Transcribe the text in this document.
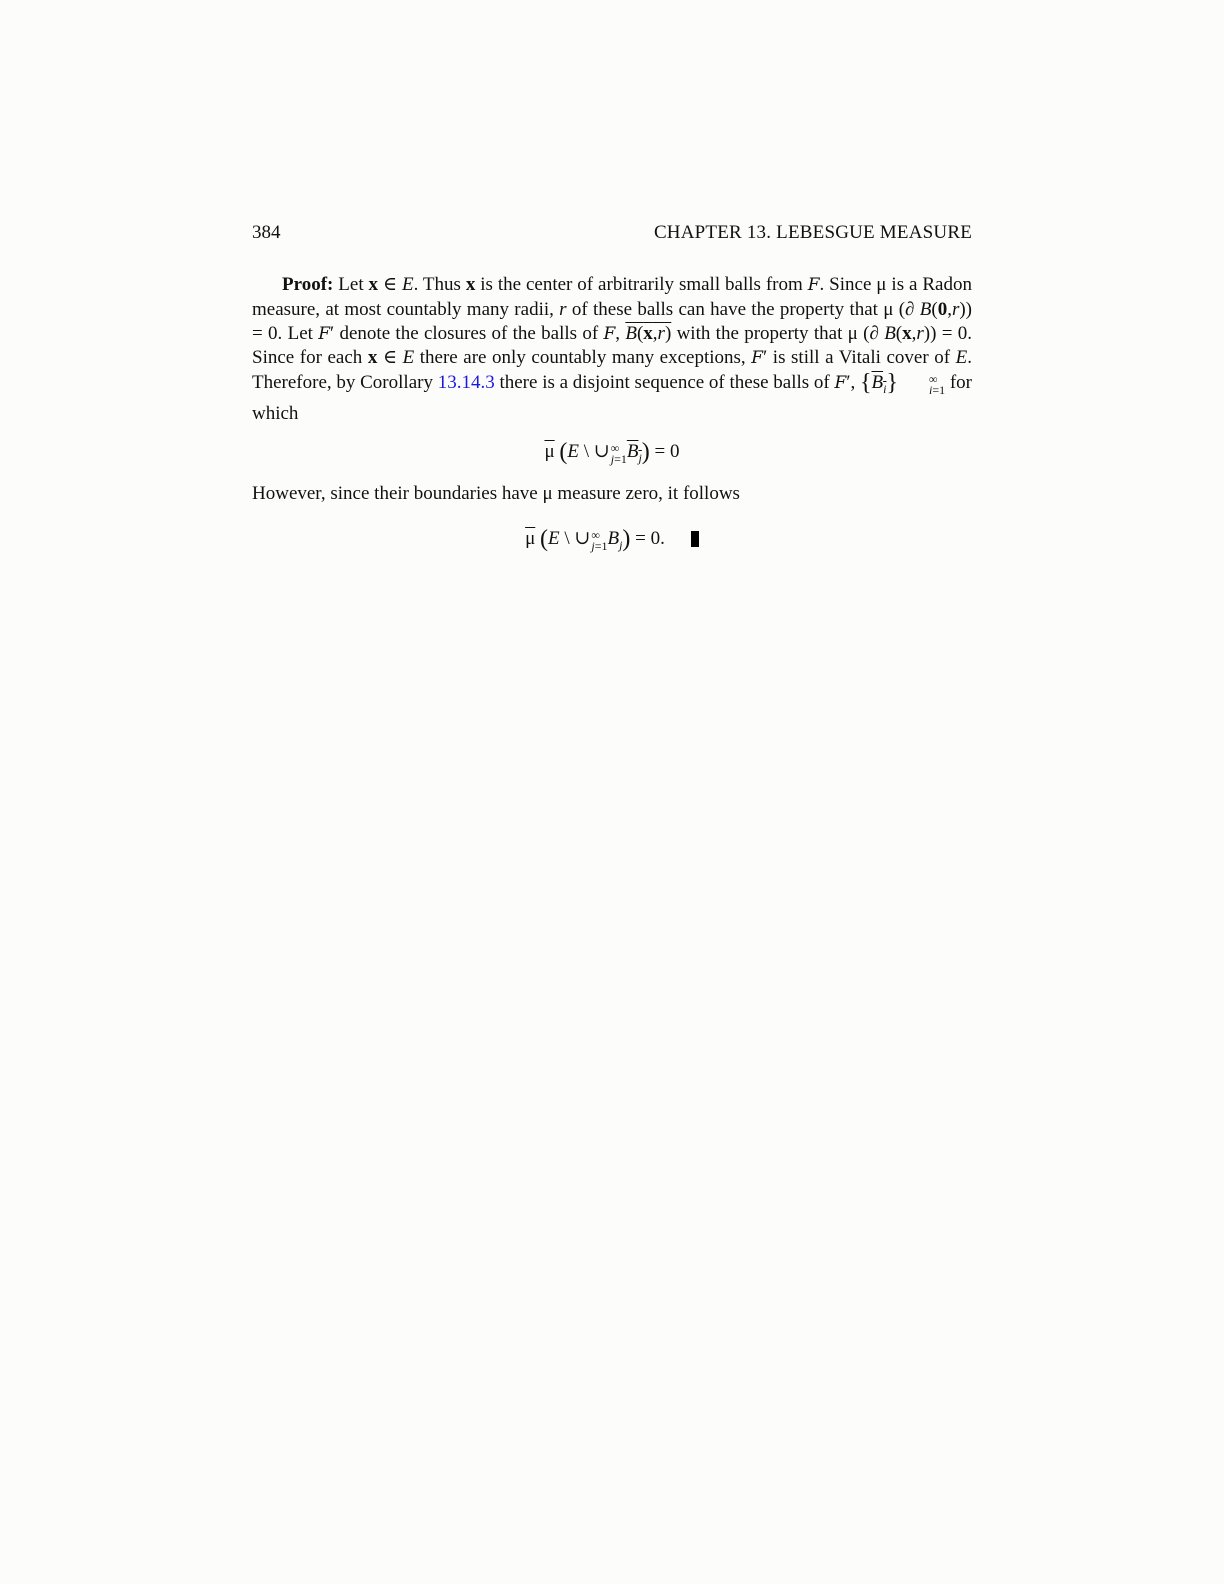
384	CHAPTER 13. LEBESGUE MEASURE

Proof: Let x ∈ E. Thus x is the center of arbitrarily small balls from F. Since μ is a Radon measure, at most countably many radii, r of these balls can have the property that μ (∂ B(0,r)) = 0. Let F′ denote the closures of the balls of F, B(x,r) with the property that μ (∂ B(x,r)) = 0. Since for each x ∈ E there are only countably many exceptions, F′ is still a Vitali cover of E. Therefore, by Corollary 13.14.3 there is a disjoint sequence of these balls of F′, $\{B_i\}$	∞
i=1 for which

$\overline{\mu}$ (E \ ∪ ∞
j=1 $B_j) = 0$

However, since their boundaries have μ measure zero, it follows

$\overline{\mu}$ (E \ ∪ ∞
j=1 $B_j) = 0$.
